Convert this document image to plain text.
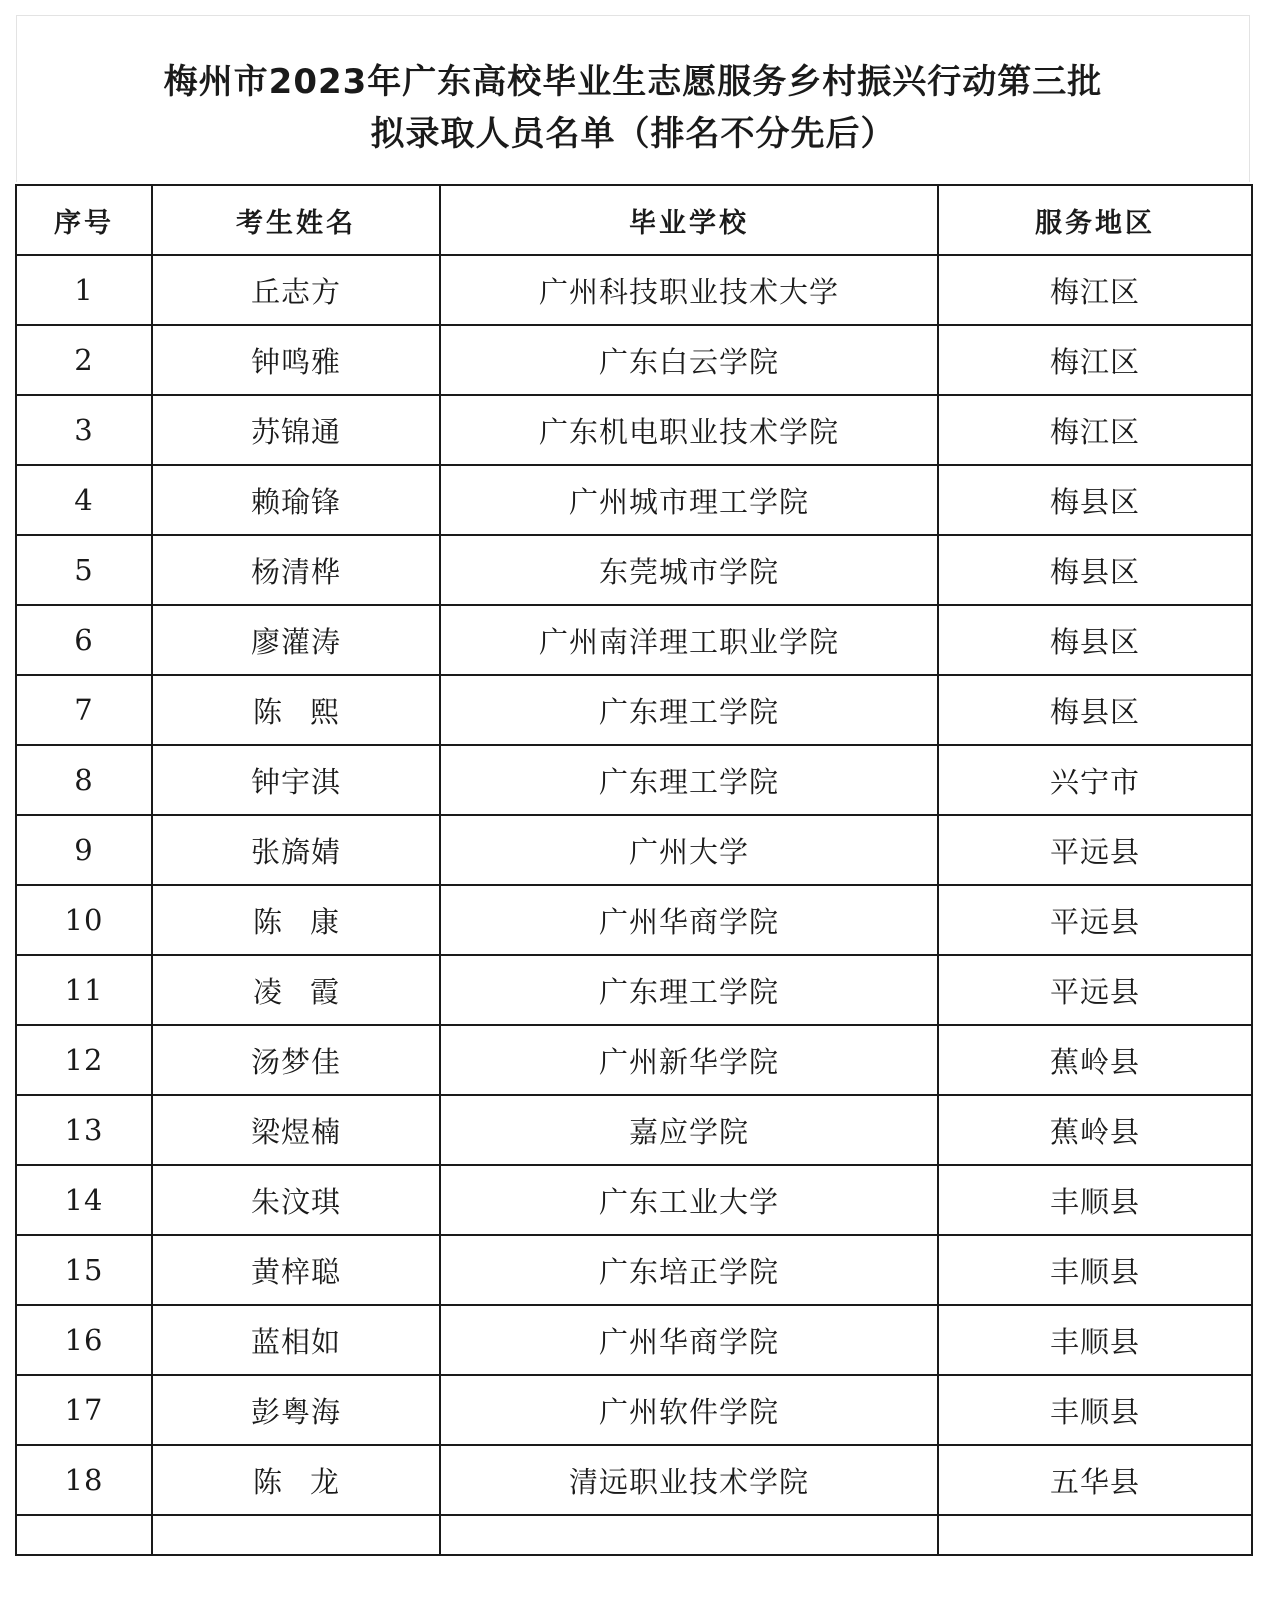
梅州市2023年广东高校毕业生志愿服务乡村振兴行动第三批
拟录取人员名单（排名不分先后）
序号	考生姓名	毕业学校	服务地区
1	丘志方	广州科技职业技术大学	梅江区
2	钟鸣雅	广东白云学院	梅江区
3	苏锦通	广东机电职业技术学院	梅江区
4	赖瑜锋	广州城市理工学院	梅县区
5	杨清桦	东莞城市学院	梅县区
6	廖灌涛	广州南洋理工职业学院	梅县区
7	陈熙	广东理工学院	梅县区
8	钟宇淇	广东理工学院	兴宁市
9	张旖婧	广州大学	平远县
10	陈康	广州华商学院	平远县
11	凌霞	广东理工学院	平远县
12	汤梦佳	广州新华学院	蕉岭县
13	梁煜楠	嘉应学院	蕉岭县
14	朱汶琪	广东工业大学	丰顺县
15	黄梓聪	广东培正学院	丰顺县
16	蓝相如	广州华商学院	丰顺县
17	彭粤海	广州软件学院	丰顺县
18	陈龙	清远职业技术学院	五华县
